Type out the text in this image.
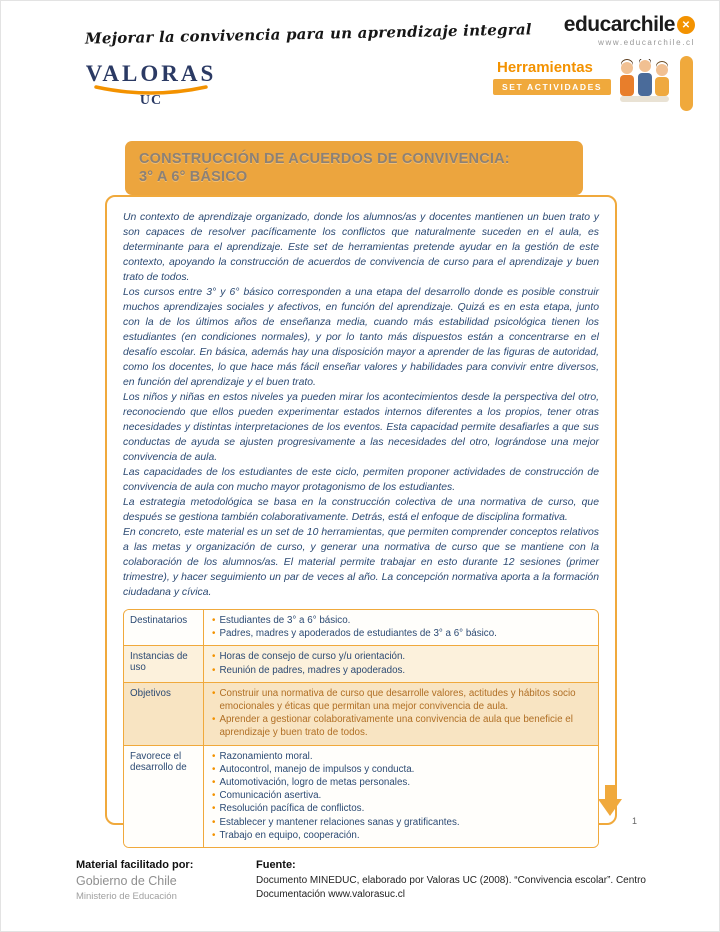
Mejorar la convivencia para un aprendizaje integral educarchile ✕
www.educarchile.cl
VALORAS
UC
Herramientas
SET ACTIVIDADES
CONSTRUCCIÓN DE ACUERDOS DE CONVIVENCIA:
3° A 6° BÁSICO

Un contexto de aprendizaje organizado, donde los alumnos/as y docentes mantienen un buen trato y son capaces de resolver pacíficamente los conflictos que naturalmente suceden en el aula, es determinante para el aprendizaje. Este set de herramientas pretende ayudar en la gestión de este contexto, apoyando la construcción de acuerdos de convivencia de curso para el aprendizaje y buen trato de todos.

Los cursos entre 3° y 6° básico corresponden a una etapa del desarrollo donde es posible construir muchos aprendizajes sociales y afectivos, en función del aprendizaje. Quizá es en esta etapa, junto con la de los últimos años de enseñanza media, cuando más estabilidad psicológica tienen los estudiantes (en condiciones normales), y por lo tanto más dispuestos están a concentrarse en el desafío escolar. En básica, además hay una disposición mayor a aprender de las figuras de autoridad, como los docentes, lo que hace más fácil enseñar valores y habilidades para convivir entre diversos, en función del aprendizaje y el buen trato.

Los niños y niñas en estos niveles ya pueden mirar los acontecimientos desde la perspectiva del otro, reconociendo que ellos pueden experimentar estados internos diferentes a los propios, tener otras necesidades y distintas interpretaciones de los eventos. Esta capacidad permite desafiarles a que sus conductas de ayuda se ajusten progresivamente a las necesidades del otro, lográndose una mejor convivencia de aula.

Las capacidades de los estudiantes de este ciclo, permiten proponer actividades de construcción de convivencia de aula con mucho mayor protagonismo de los estudiantes.

La estrategia metodológica se basa en la construcción colectiva de una normativa de curso, que después se gestiona también colaborativamente. Detrás, está el enfoque de disciplina formativa.

En concreto, este material es un set de 10 herramientas, que permiten comprender conceptos relativos a las metas y organización de curso, y generar una normativa de curso que se mantiene con la colaboración de los alumnos/as. El material permite trabajar en esto durante 12 sesiones (primer trimestre), y hacer seguimiento un par de veces al año. La concepción normativa aporta a la formación ciudadana y cívica.

Destinatarios	• Estudiantes de 3° a 6° básico.
• Padres, madres y apoderados de estudiantes de 3° a 6° básico.
Instancias de uso
• Horas de consejo de curso y/u orientación.
• Reunión de padres, madres y apoderados.
Objetivos	• Construir una normativa de curso que desarrolle valores, actitudes y hábitos socio emocionales y éticas que permitan una mejor convivencia de aula.
• Aprender a gestionar colaborativamente una convivencia de aula que beneficie el aprendizaje y buen trato de todos.
Favorece el desarrollo de
• Razonamiento moral.
• Autocontrol, manejo de impulsos y conducta.
• Automotivación, logro de metas personales.
• Comunicación asertiva.
• Resolución pacífica de conflictos.
• Establecer y mantener relaciones sanas y gratificantes.
• Trabajo en equipo, cooperación.
1
Material facilitado por:
Gobierno de Chile
Ministerio de Educación
Fuente:
Documento MINEDUC, elaborado por Valoras UC (2008). “Convivencia escolar”. Centro Documentación www.valorasuc.cl
